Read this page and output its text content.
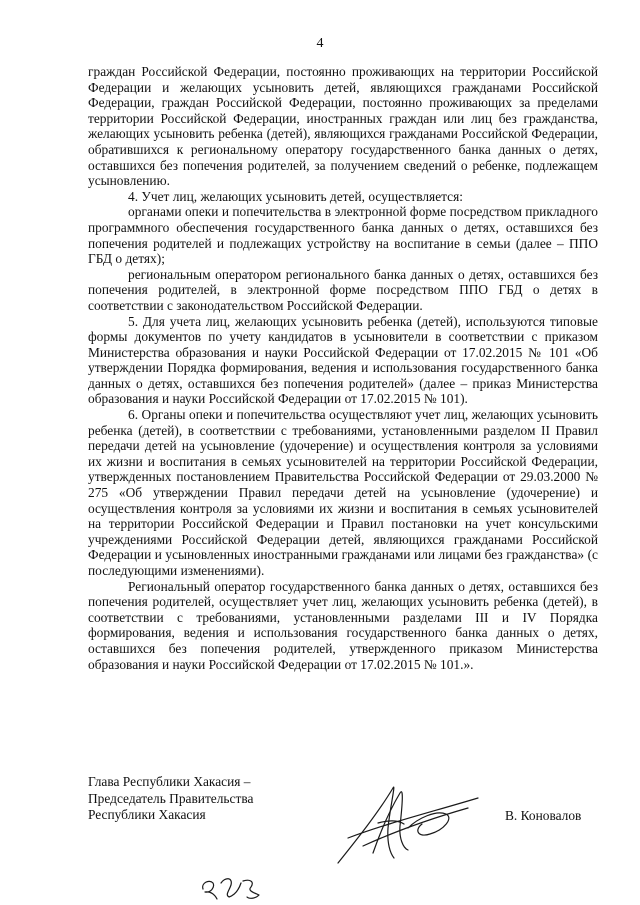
4

граждан Российской Федерации, постоянно проживающих на территории Российской Федерации и желающих усыновить детей, являющихся гражданами Российской Федерации, граждан Российской Федерации, постоянно проживающих за пределами территории Российской Федерации, иностранных граждан или лиц без гражданства, желающих усыновить ребенка (детей), являющихся гражданами Российской Федерации, обратившихся к региональному оператору государственного банка данных о детях, оставшихся без попечения родителей, за получением сведений о ребенке, подлежащем усыновлению.

4. Учет лиц, желающих усыновить детей, осуществляется:

органами опеки и попечительства в электронной форме посредством прикладного программного обеспечения государственного банка данных о детях, оставшихся без попечения родителей и подлежащих устройству на воспитание в семьи (далее – ППО ГБД о детях);

региональным оператором регионального банка данных о детях, оставшихся без попечения родителей, в электронной форме посредством ППО ГБД о детях в соответствии с законодательством Российской Федерации.

5. Для учета лиц, желающих усыновить ребенка (детей), используются типовые формы документов по учету кандидатов в усыновители в соответствии с приказом Министерства образования и науки Российской Федерации от 17.02.2015 № 101 «Об утверждении Порядка формирования, ведения и использования государственного банка данных о детях, оставшихся без попечения родителей» (далее – приказ Министерства образования и науки Российской Федерации от 17.02.2015 № 101).

6. Органы опеки и попечительства осуществляют учет лиц, желающих усыновить ребенка (детей), в соответствии с требованиями, установленными разделом II Правил передачи детей на усыновление (удочерение) и осуществления контроля за условиями их жизни и воспитания в семьях усыновителей на территории Российской Федерации, утвержденных постановлением Правительства Российской Федерации от 29.03.2000 № 275 «Об утверждении Правил передачи детей на усыновление (удочерение) и осуществления контроля за условиями их жизни и воспитания в семьях усыновителей на территории Российской Федерации и Правил постановки на учет консульскими учреждениями Российской Федерации детей, являющихся гражданами Российской Федерации и усыновленных иностранными гражданами или лицами без гражданства» (с последующими изменениями).

Региональный оператор государственного банка данных о детях, оставшихся без попечения родителей, осуществляет учет лиц, желающих усыновить ребенка (детей), в соответствии с требованиями, установленными разделами III и IV Порядка формирования, ведения и использования государственного банка данных о детях, оставшихся без попечения родителей, утвержденного приказом Министерства образования и науки Российской Федерации от 17.02.2015 № 101.».

Глава Республики Хакасия –
Председатель Правительства
Республики Хакасия	В. Коновалов
